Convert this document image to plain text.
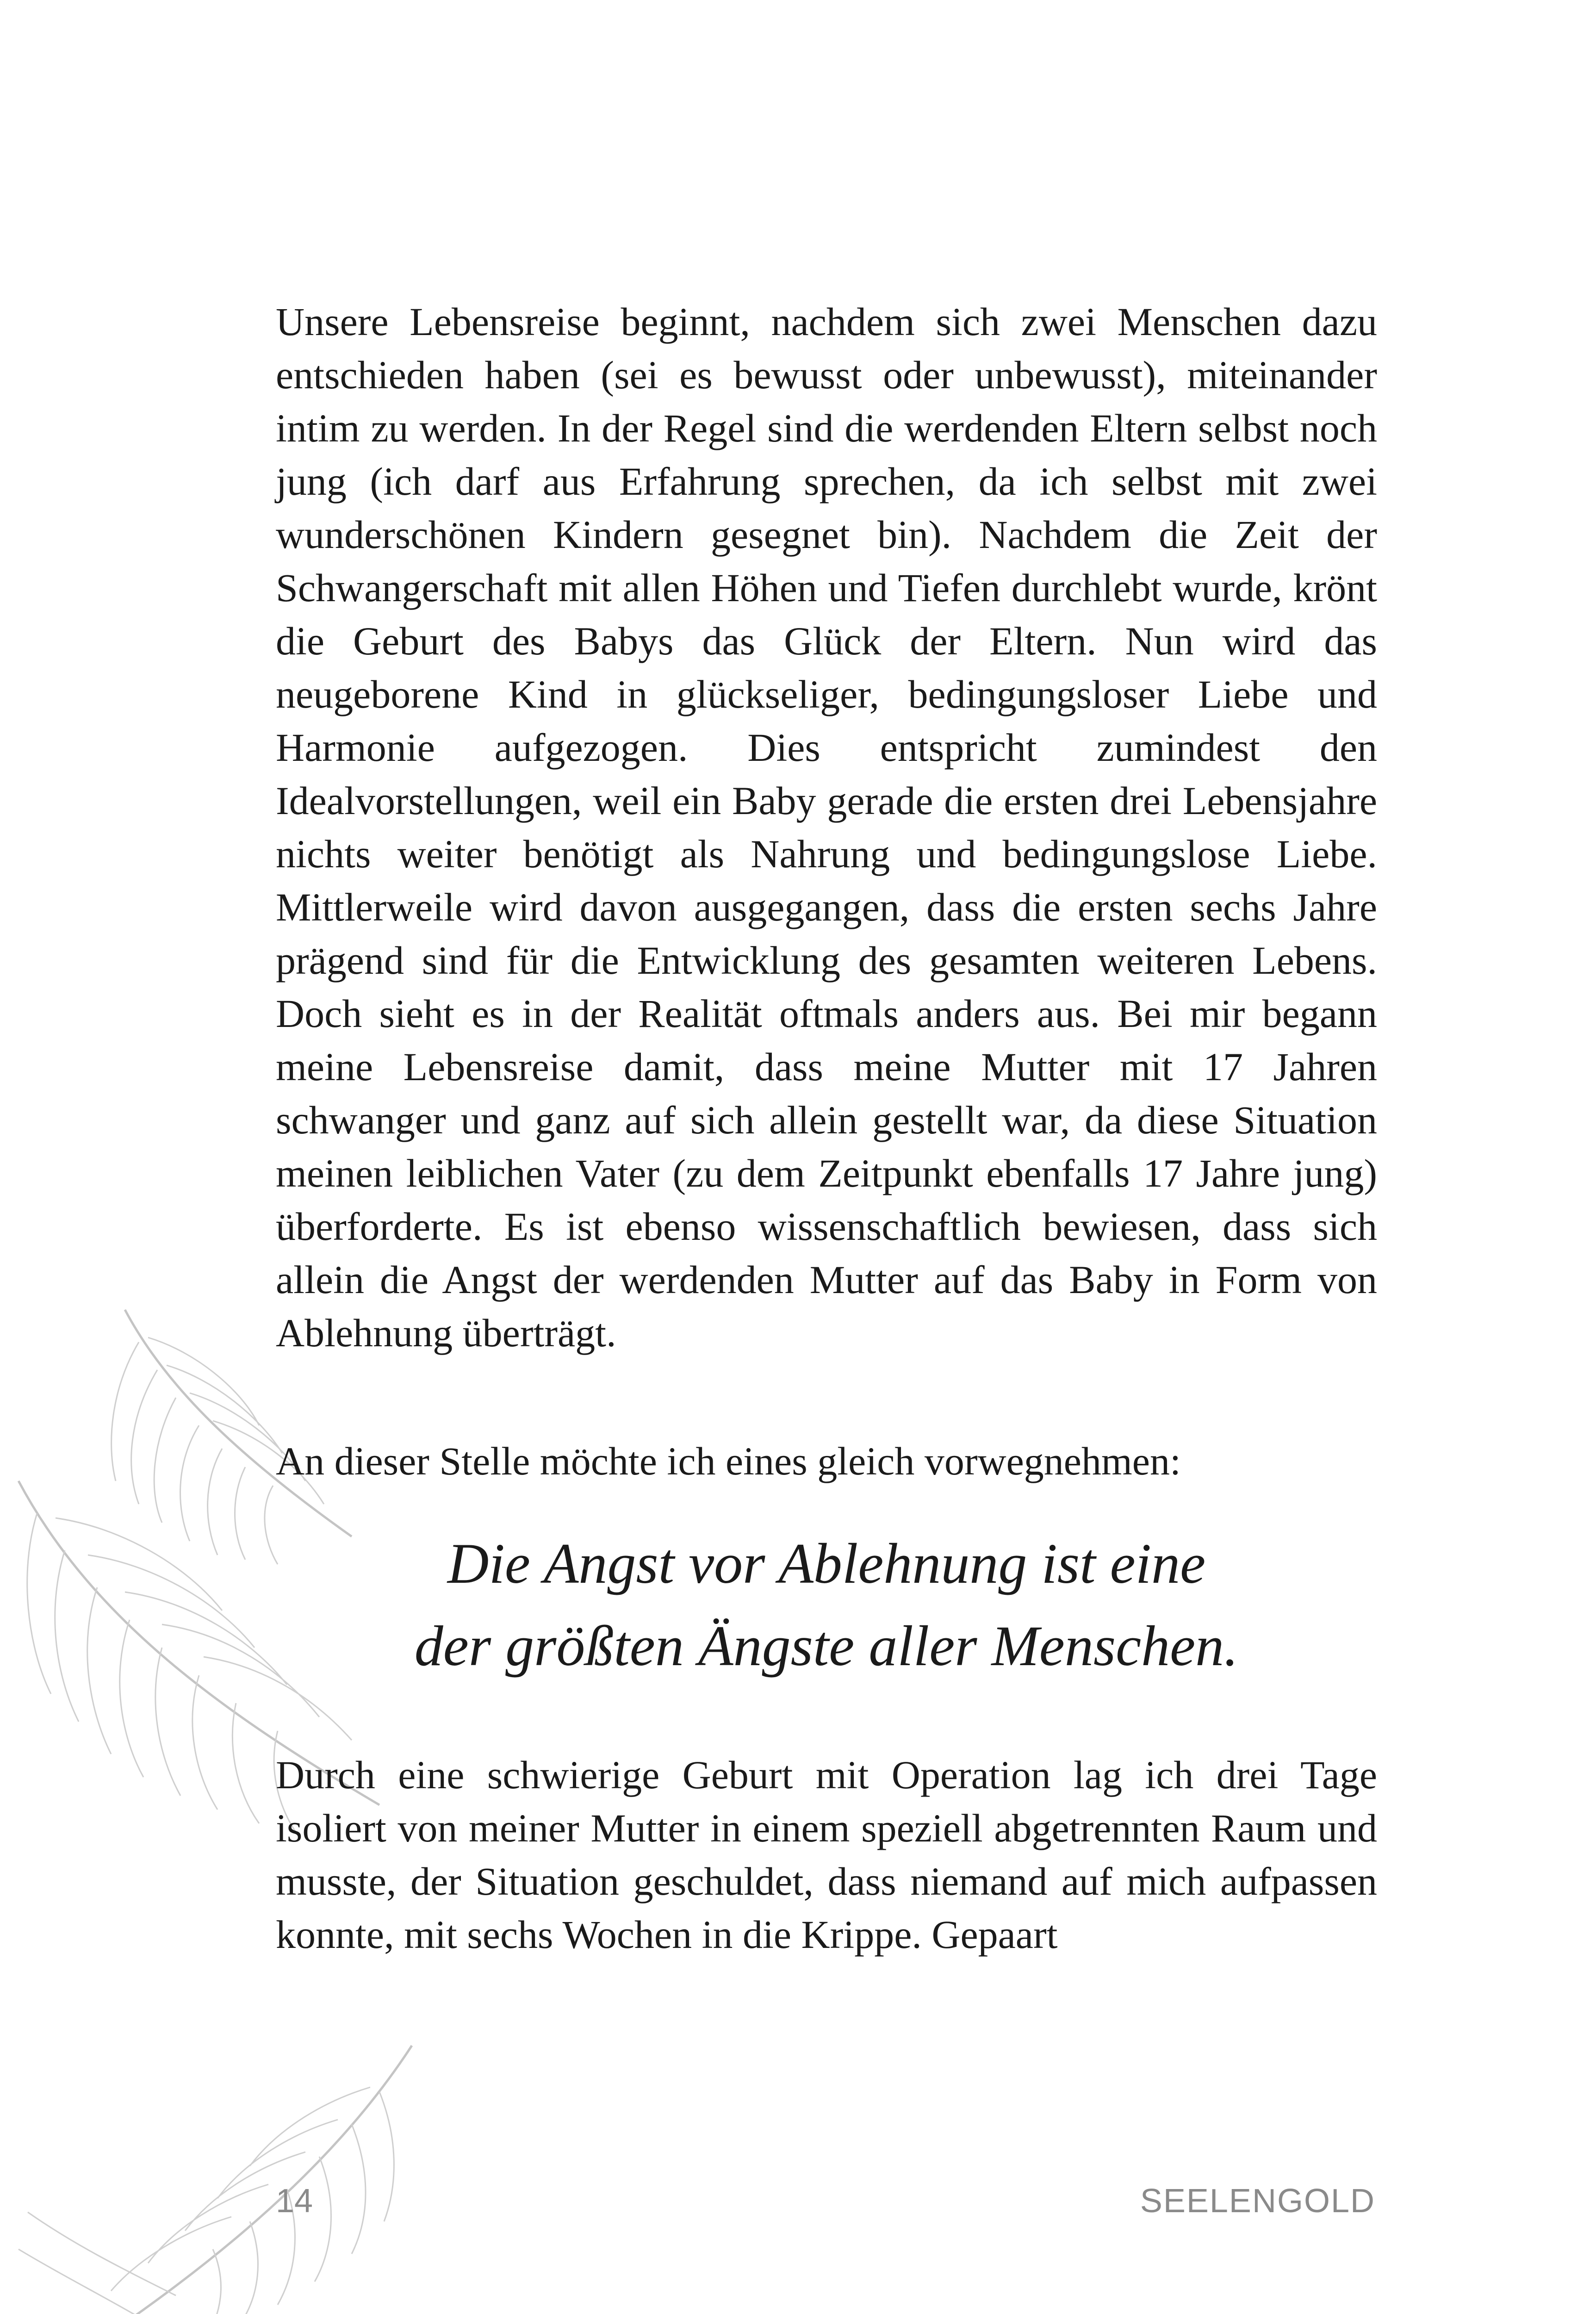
Unsere Lebensreise beginnt, nachdem sich zwei Menschen dazu entschieden haben (sei es bewusst oder unbewusst), miteinander intim zu werden. In der Regel sind die werdenden Eltern selbst noch jung (ich darf aus Erfahrung sprechen, da ich selbst mit zwei wunderschönen Kindern gesegnet bin). Nachdem die Zeit der Schwangerschaft mit allen Höhen und Tiefen durchlebt wurde, krönt die Geburt des Babys das Glück der Eltern. Nun wird das neugeborene Kind in glückseliger, bedingungsloser Liebe und Harmonie aufgezogen. Dies entspricht zumindest den Idealvorstellungen, weil ein Baby gerade die ersten drei Lebensjahre nichts weiter benötigt als Nahrung und bedingungslose Liebe. Mittlerweile wird davon ausgegangen, dass die ersten sechs Jahre prägend sind für die Entwicklung des gesamten weiteren Lebens. Doch sieht es in der Realität oftmals anders aus. Bei mir begann meine Lebensreise damit, dass meine Mutter mit 17 Jahren schwanger und ganz auf sich allein gestellt war, da diese Situation meinen leiblichen Vater (zu dem Zeitpunkt ebenfalls 17 Jahre jung) überforderte. Es ist ebenso wissenschaftlich bewiesen, dass sich allein die Angst der werdenden Mutter auf das Baby in Form von Ablehnung überträgt.

An dieser Stelle möchte ich eines gleich vorwegnehmen:

Die Angst vor Ablehnung ist eine
der größten Ängste aller Menschen.

Durch eine schwierige Geburt mit Operation lag ich drei Tage isoliert von meiner Mutter in einem speziell abgetrennten Raum und musste, der Situation geschuldet, dass niemand auf mich aufpassen konnte, mit sechs Wochen in die Krippe. Gepaart

14	SEELENGOLD
